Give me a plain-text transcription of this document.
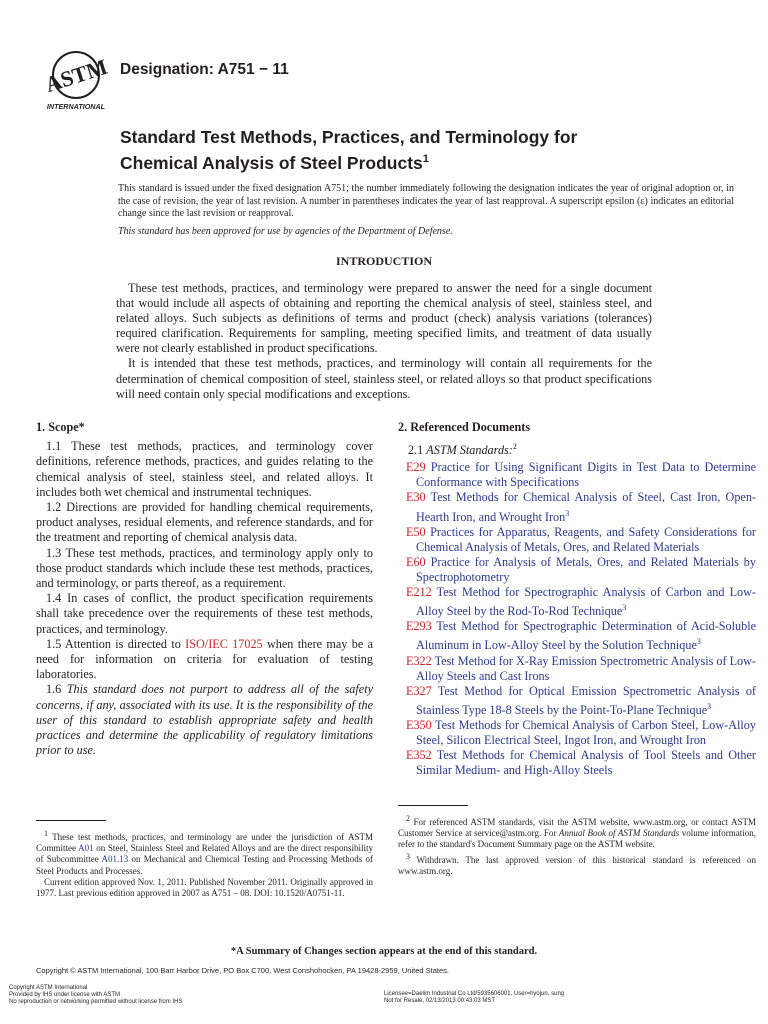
ASTM
INTERNATIONAL
Designation: A751 − 11
Standard Test Methods, Practices, and Terminology for
Chemical Analysis of Steel Products$^1$
This standard is issued under the fixed designation A751; the number immediately following the designation indicates the year of original adoption or, in the case of revision, the year of last revision. A number in parentheses indicates the year of last reapproval. A superscript epsilon (ε) indicates an editorial change since the last revision or reapproval.
This standard has been approved for use by agencies of the Department of Defense.
INTRODUCTION

These test methods, practices, and terminology were prepared to answer the need for a single document that would include all aspects of obtaining and reporting the chemical analysis of steel, stainless steel, and related alloys. Such subjects as definitions of terms and product (check) analysis variations (tolerances) required clarification. Requirements for sampling, meeting specified limits, and treatment of data usually were not clearly established in product specifications.

It is intended that these test methods, practices, and terminology will contain all requirements for the determination of chemical composition of steel, stainless steel, or related alloys so that product specifications will need contain only special modifications and exceptions.

1. Scope*

1.1 These test methods, practices, and terminology cover definitions, reference methods, practices, and guides relating to the chemical analysis of steel, stainless steel, and related alloys. It includes both wet chemical and instrumental techniques.

1.2 Directions are provided for handling chemical requirements, product analyses, residual elements, and reference standards, and for the treatment and reporting of chemical analysis data.

1.3 These test methods, practices, and terminology apply only to those product standards which include these test methods, practices, and terminology, or parts thereof, as a requirement.

1.4 In cases of conflict, the product specification requirements shall take precedence over the requirements of these test methods, practices, and terminology.

1.5 Attention is directed to ISO/IEC 17025 when there may be a need for information on criteria for evaluation of testing laboratories.

1.6 This standard does not purport to address all of the safety concerns, if any, associated with its use. It is the responsibility of the user of this standard to establish appropriate safety and health practices and determine the applicability of regulatory limitations prior to use.

2. Referenced Documents
2.1 ASTM Standards:$^2$

E29 Practice for Using Significant Digits in Test Data to Determine Conformance with Specifications

E30 Test Methods for Chemical Analysis of Steel, Cast Iron, Open-Hearth Iron, and Wrought Iron$^3$

E50 Practices for Apparatus, Reagents, and Safety Considerations for Chemical Analysis of Metals, Ores, and Related Materials

E60 Practice for Analysis of Metals, Ores, and Related Materials by Spectrophotometry

E212 Test Method for Spectrographic Analysis of Carbon and Low-Alloy Steel by the Rod-To-Rod Technique$^3$

E293 Test Method for Spectrographic Determination of Acid-Soluble Aluminum in Low-Alloy Steel by the Solution Technique$^3$

E322 Test Method for X-Ray Emission Spectrometric Analysis of Low-Alloy Steels and Cast Irons

E327 Test Method for Optical Emission Spectrometric Analysis of Stainless Type 18-8 Steels by the Point-To-Plane Technique$^3$

E350 Test Methods for Chemical Analysis of Carbon Steel, Low-Alloy Steel, Silicon Electrical Steel, Ingot Iron, and Wrought Iron

E352 Test Methods for Chemical Analysis of Tool Steels and Other Similar Medium- and High-Alloy Steels

$^1$ These test methods, practices, and terminology are under the jurisdiction of ASTM Committee A01 on Steel, Stainless Steel and Related Alloys and are the direct responsibility of Subcommittee A01.13 on Mechanical and Chemical Testing and Processing Methods of Steel Products and Processes.

Current edition approved Nov. 1, 2011. Published November 2011. Originally approved in 1977. Last previous edition approved in 2007 as A751 – 08. DOI: 10.1520/A0751-11.

$^2$ For referenced ASTM standards, visit the ASTM website, www.astm.org, or contact ASTM Customer Service at service@astm.org. For Annual Book of ASTM Standards volume information, refer to the standard's Document Summary page on the ASTM website.

$^3$ Withdrawn. The last approved version of this historical standard is referenced on www.astm.org.

*A Summary of Changes section appears at the end of this standard.
Copyright © ASTM International, 100 Barr Harbor Drive, PO Box C700, West Conshohocken, PA 19428-2959, United States.
Copyright ASTM International
Provided by IHS under license with ASTM
No reproduction or networking permitted without license from IHS
Licensee=Daelim Industrial Co Ltd/5935606001, User=hyojun, sung
Not for Resale, 02/13/2013 00:43:03 MST
